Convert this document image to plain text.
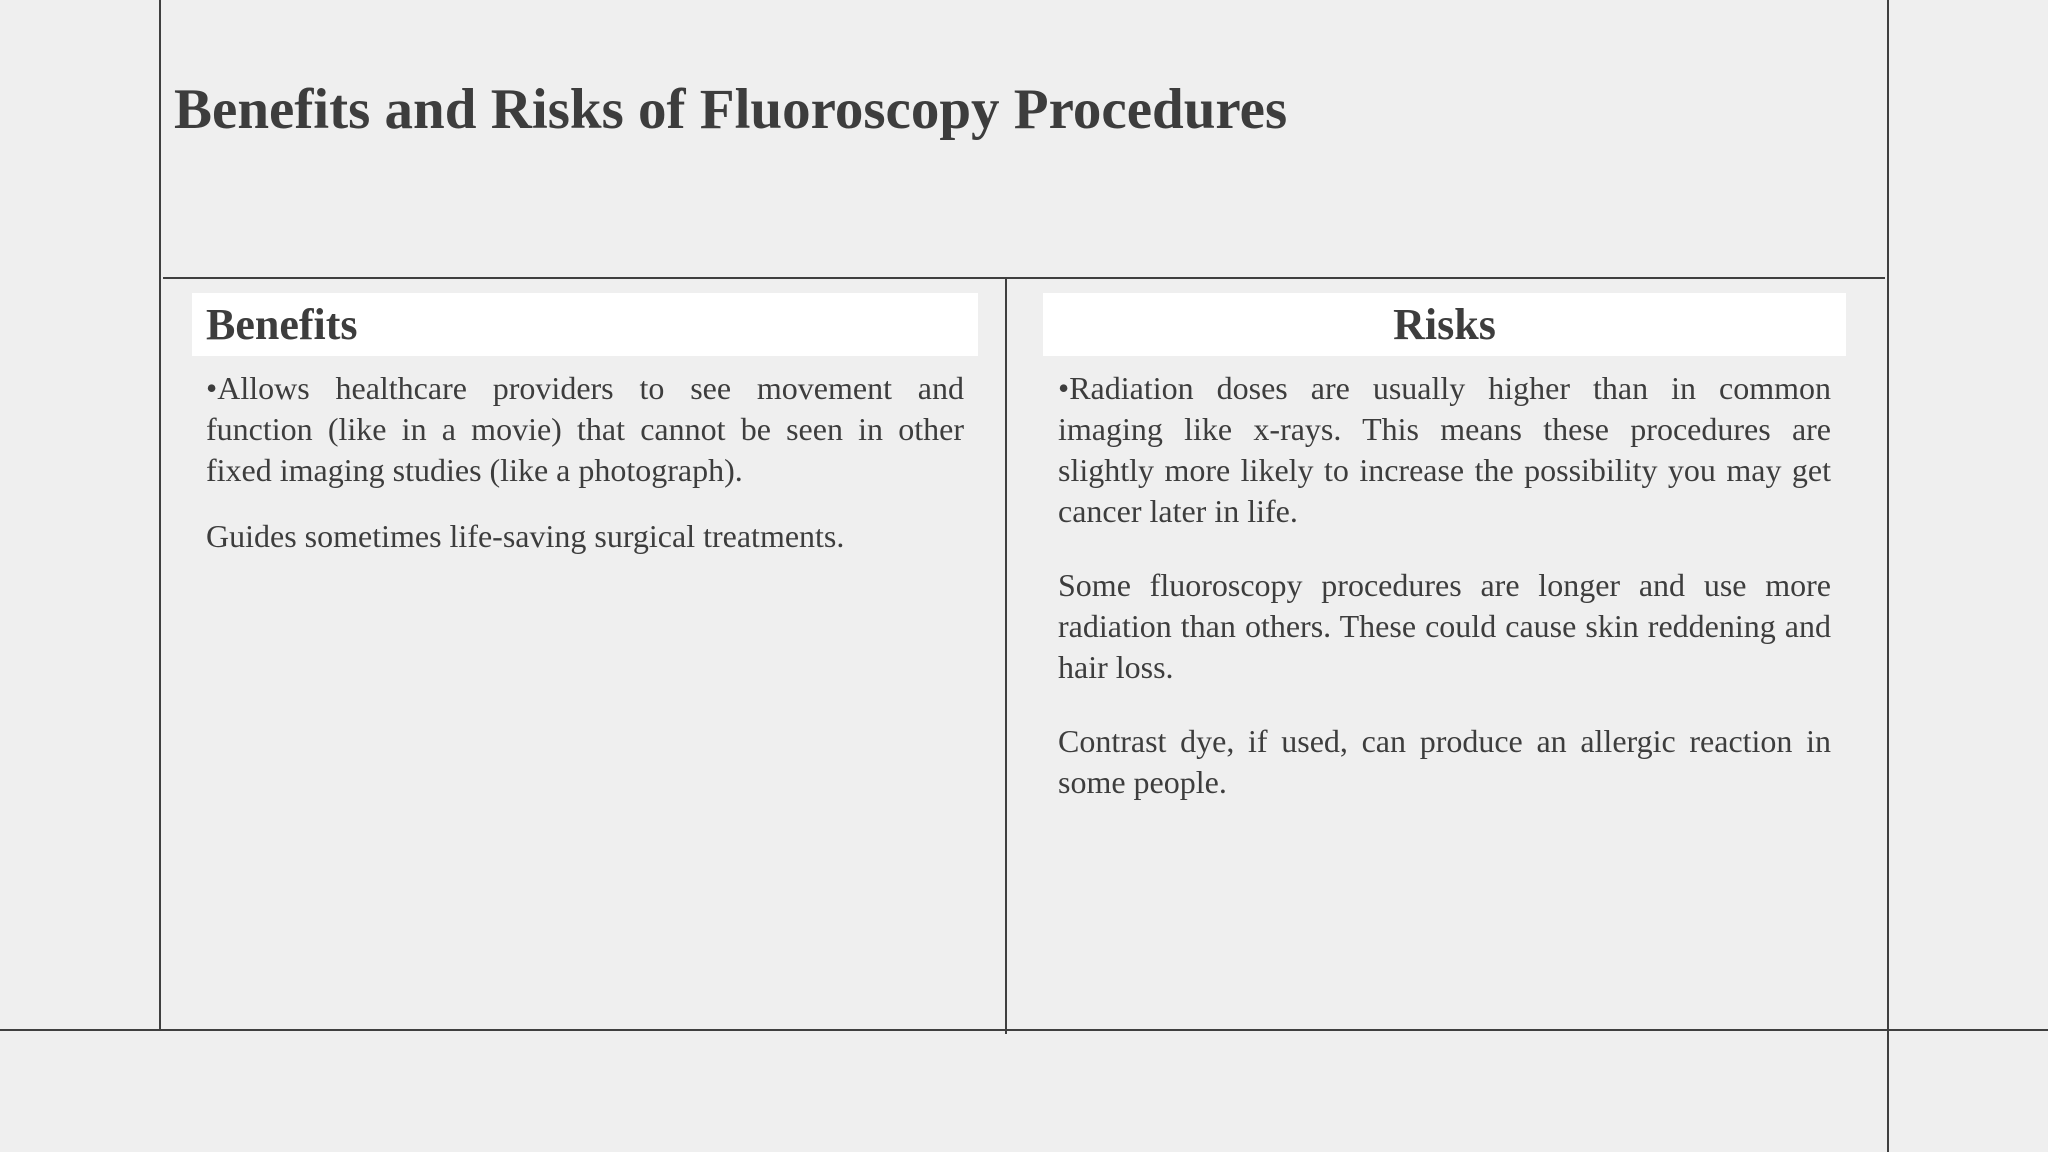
Benefits and Risks of Fluoroscopy Procedures
Benefits	Risks

•Allows healthcare providers to see movement and function (like in a movie) that cannot be seen in other fixed imaging studies (like a photograph).

Guides sometimes life-saving surgical treatments.

•Radiation doses are usually higher than in common imaging like x-rays. This means these procedures are slightly more likely to increase the possibility you may get cancer later in life.

Some fluoroscopy procedures are longer and use more radiation than others. These could cause skin reddening and hair loss.

Contrast dye, if used, can produce an allergic reaction in some people.
